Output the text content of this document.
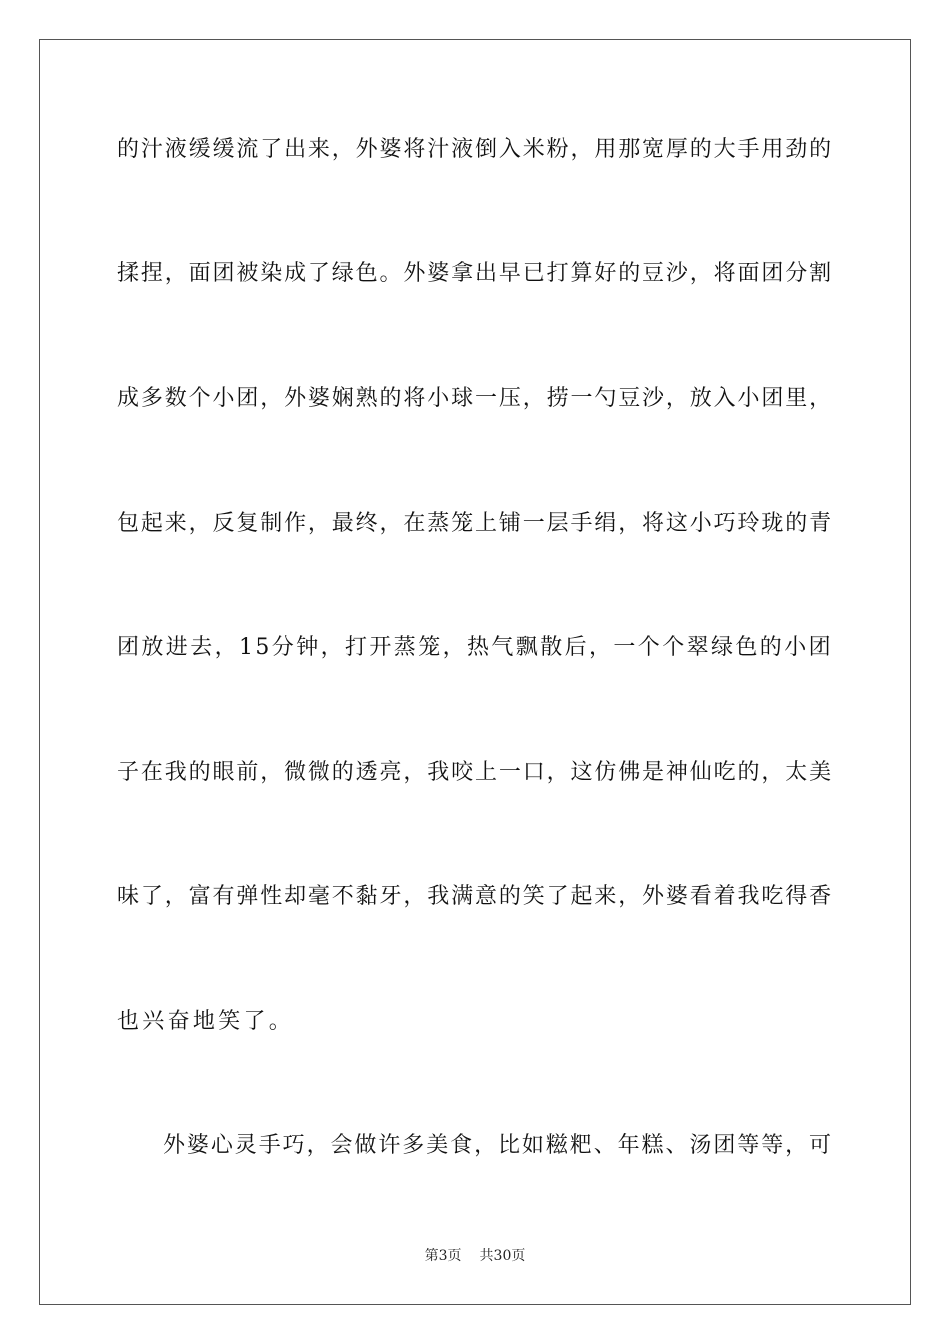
的汁液缓缓流了出来，外婆将汁液倒入米粉，用那宽厚的大手用劲的
揉捏，面团被染成了绿色。外婆拿出早已打算好的豆沙，将面团分割
成多数个小团，外婆娴熟的将小球一压，捞一勺豆沙，放入小团里，
包起来，反复制作，最终，在蒸笼上铺一层手绢，将这小巧玲珑的青
团放进去，15分钟，打开蒸笼，热气飘散后，一个个翠绿色的小团
子在我的眼前，微微的透亮，我咬上一口，这仿佛是神仙吃的，太美
味了，富有弹性却毫不黏牙，我满意的笑了起来，外婆看着我吃得香
也兴奋地笑了。
外婆心灵手巧，会做许多美食，比如糍粑、年糕、汤团等等，可
第3页 共30页
